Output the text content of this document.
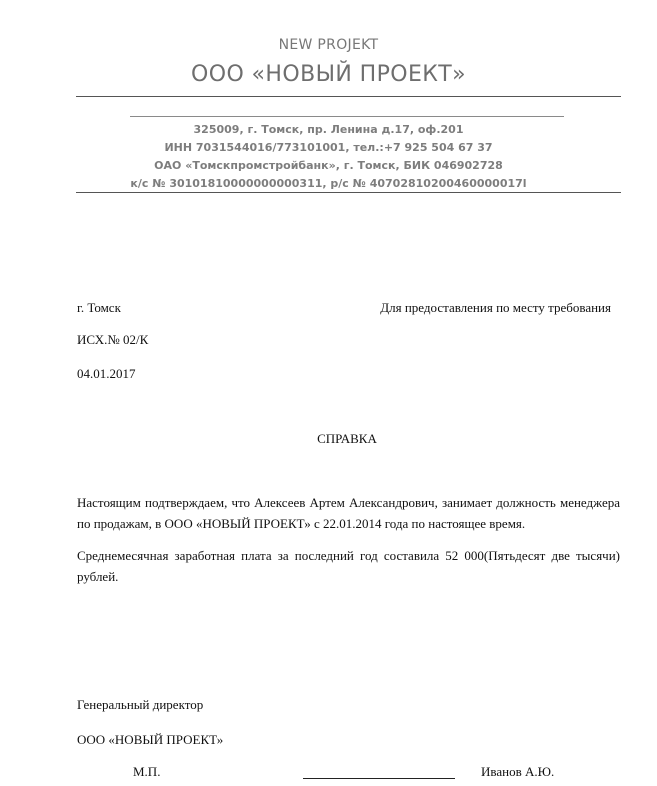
NEW PROJEKT
ООО «НОВЫЙ ПРОЕКТ»
325009, г. Томск, пр. Ленина д.17, оф.201
ИНН 7031544016/773101001, тел.:+7 925 504 67 37
ОАО «Томскпромстройбанк», г. Томск, БИК 046902728
к/с № 30101810000000000311, р/с № 40702810200460000017l
г. Томск	Для предоставления по месту требования
ИСХ.№ 02/К
04.01.2017
СПРАВКА
Настоящим подтверждаем, что Алексеев Артем Александрович, занимает должность менеджера по продажам, в ООО «НОВЫЙ ПРОЕКТ» с 22.01.2014 года по настоящее время.
Среднемесячная заработная плата за последний год составила 52 000(Пятьдесят две тысячи) рублей.
Генеральный директор
ООО «НОВЫЙ ПРОЕКТ»
М.П.	Иванов А.Ю.
